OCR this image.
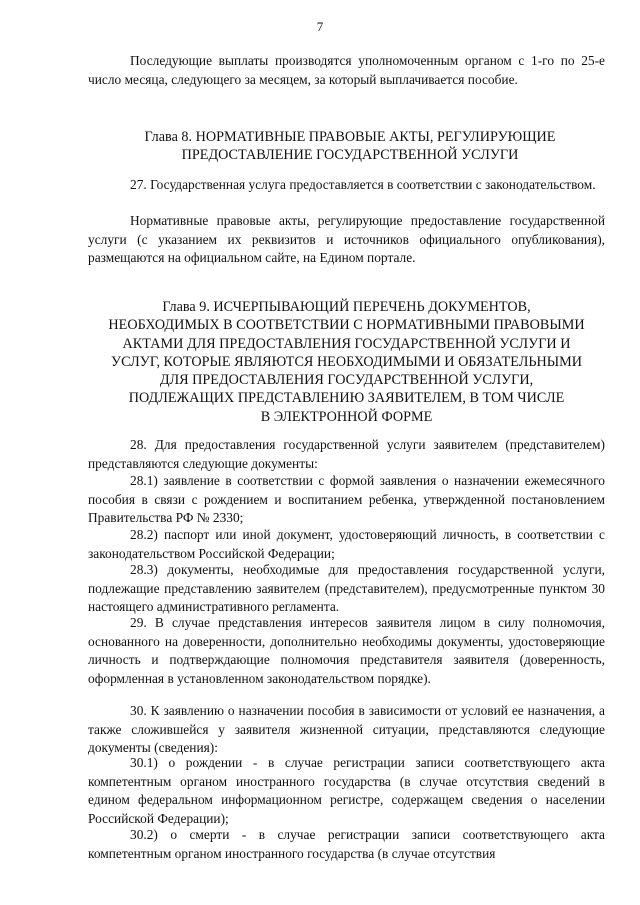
7

Последующие выплаты производятся уполномоченным органом с 1-го по 25-е число месяца, следующего за месяцем, за который выплачивается пособие.

Глава 8. НОРМАТИВНЫЕ ПРАВОВЫЕ АКТЫ, РЕГУЛИРУЮЩИЕ
ПРЕДОСТАВЛЕНИЕ ГОСУДАРСТВЕННОЙ УСЛУГИ

27. Государственная услуга предоставляется в соответствии с законодательством.

Нормативные правовые акты, регулирующие предоставление государственной услуги (с указанием их реквизитов и источников официального опубликования), размещаются на официальном сайте, на Едином портале.

Глава 9. ИСЧЕРПЫВАЮЩИЙ ПЕРЕЧЕНЬ ДОКУМЕНТОВ,
НЕОБХОДИМЫХ В СООТВЕТСТВИИ С НОРМАТИВНЫМИ ПРАВОВЫМИ
АКТАМИ ДЛЯ ПРЕДОСТАВЛЕНИЯ ГОСУДАРСТВЕННОЙ УСЛУГИ И
УСЛУГ, КОТОРЫЕ ЯВЛЯЮТСЯ НЕОБХОДИМЫМИ И ОБЯЗАТЕЛЬНЫМИ
ДЛЯ ПРЕДОСТАВЛЕНИЯ ГОСУДАРСТВЕННОЙ УСЛУГИ,
ПОДЛЕЖАЩИХ ПРЕДСТАВЛЕНИЮ ЗАЯВИТЕЛЕМ, В ТОМ ЧИСЛЕ
В ЭЛЕКТРОННОЙ ФОРМЕ

28. Для предоставления государственной услуги заявителем (представителем) представляются следующие документы:

28.1) заявление в соответствии с формой заявления о назначении ежемесячного пособия в связи с рождением и воспитанием ребенка, утвержденной постановлением Правительства РФ № 2330;

28.2) паспорт или иной документ, удостоверяющий личность, в соответствии с законодательством Российской Федерации;

28.3) документы, необходимые для предоставления государственной услуги, подлежащие представлению заявителем (представителем), предусмотренные пунктом 30 настоящего административного регламента.

29. В случае представления интересов заявителя лицом в силу полномочия, основанного на доверенности, дополнительно необходимы документы, удостоверяющие личность и подтверждающие полномочия представителя заявителя (доверенность, оформленная в установленном законодательством порядке).

30. К заявлению о назначении пособия в зависимости от условий ее назначения, а также сложившейся у заявителя жизненной ситуации, представляются следующие документы (сведения):

30.1) о рождении - в случае регистрации записи соответствующего акта компетентным органом иностранного государства (в случае отсутствия сведений в едином федеральном информационном регистре, содержащем сведения о населении Российской Федерации);

30.2) о смерти - в случае регистрации записи соответствующего акта компетентным органом иностранного государства (в случае отсутствия
